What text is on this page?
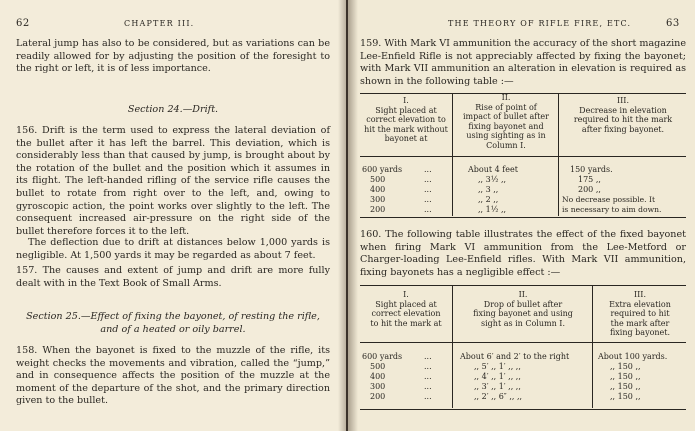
62	CHAPTER III.

Lateral jump has also to be considered, but as variations can be readily allowed for by adjusting the position of the foresight to the right or left, it is of less importance.

Section 24.—Drift.

156. Drift is the term used to express the lateral deviation of the bullet after it has left the barrel. This deviation, which is considerably less than that caused by jump, is brought about by the rotation of the bullet and the position which it assumes in its flight. The left-handed rifling of the service rifle causes the bullet to rotate from right over to the left, and, owing to gyroscopic action, the point works over slightly to the left. The consequent increased air-pressure on the right side of the bullet therefore forces it to the left.

The deflection due to drift at distances below 1,000 yards is negligible. At 1,500 yards it may be regarded as about 7 feet.

157. The causes and extent of jump and drift are more fully dealt with in the Text Book of Small Arms.

Section 25.—Effect of fixing the bayonet, of resting the rifle,
and of a heated or oily barrel.

158. When the bayonet is fixed to the muzzle of the rifle, its weight checks the movements and vibration, called the “jump,” and in consequence affects the position of the muzzle at the moment of the departure of the shot, and the primary direction given to the bullet.

THE THEORY OF RIFLE FIRE, ETC.	63

159. With Mark VI ammunition the accuracy of the short magazine Lee-Enfield Rifle is not appreciably affected by fixing the bayonet; with Mark VII ammunition an alteration in elevation is required as shown in the following table :—

I.
Sight placed at
correct elevation to
hit the mark without
bayonet at
II.
Rise of point of
impact of bullet after
fixing bayonet and
using sighting as in
Column I.
III.
Decrease in elevation
required to hit the mark
after fixing bayonet.
600 yards	...	About 4 feet	150 yards.
500	...	,, 3½ ,,	175 ,,
400	...	,, 3 ,,	200 ,,
300	...	,, 2 ,,	No decrease possible. It
200	...	,, 1½ ,,	is necessary to aim down.

160. The following table illustrates the effect of the fixed bayonet when firing Mark VI ammunition from the Lee-Metford or Charger-loading Lee-Enfield rifles. With Mark VII ammunition, fixing bayonets has a negligible effect :—

I.
Sight placed at
correct elevation
to hit the mark at
II.
Drop of bullet after
fixing bayonet and using
sight as in Column I.
III.
Extra elevation
required to hit
the mark after
fixing bayonet.
600 yards	...	About 6′ and 2′ to the right	About 100 yards.
500	...	,, 5′ ,, 1′ ,, ,,	,, 150 ,,
400	...	,, 4′ ,, 1′ ,, ,,	,, 150 ,,
300	...	,, 3′ ,, 1′ ,, ,,	,, 150 ,,
200	...	,, 2′ ,, 6″ ,, ,,	,, 150 ,,
